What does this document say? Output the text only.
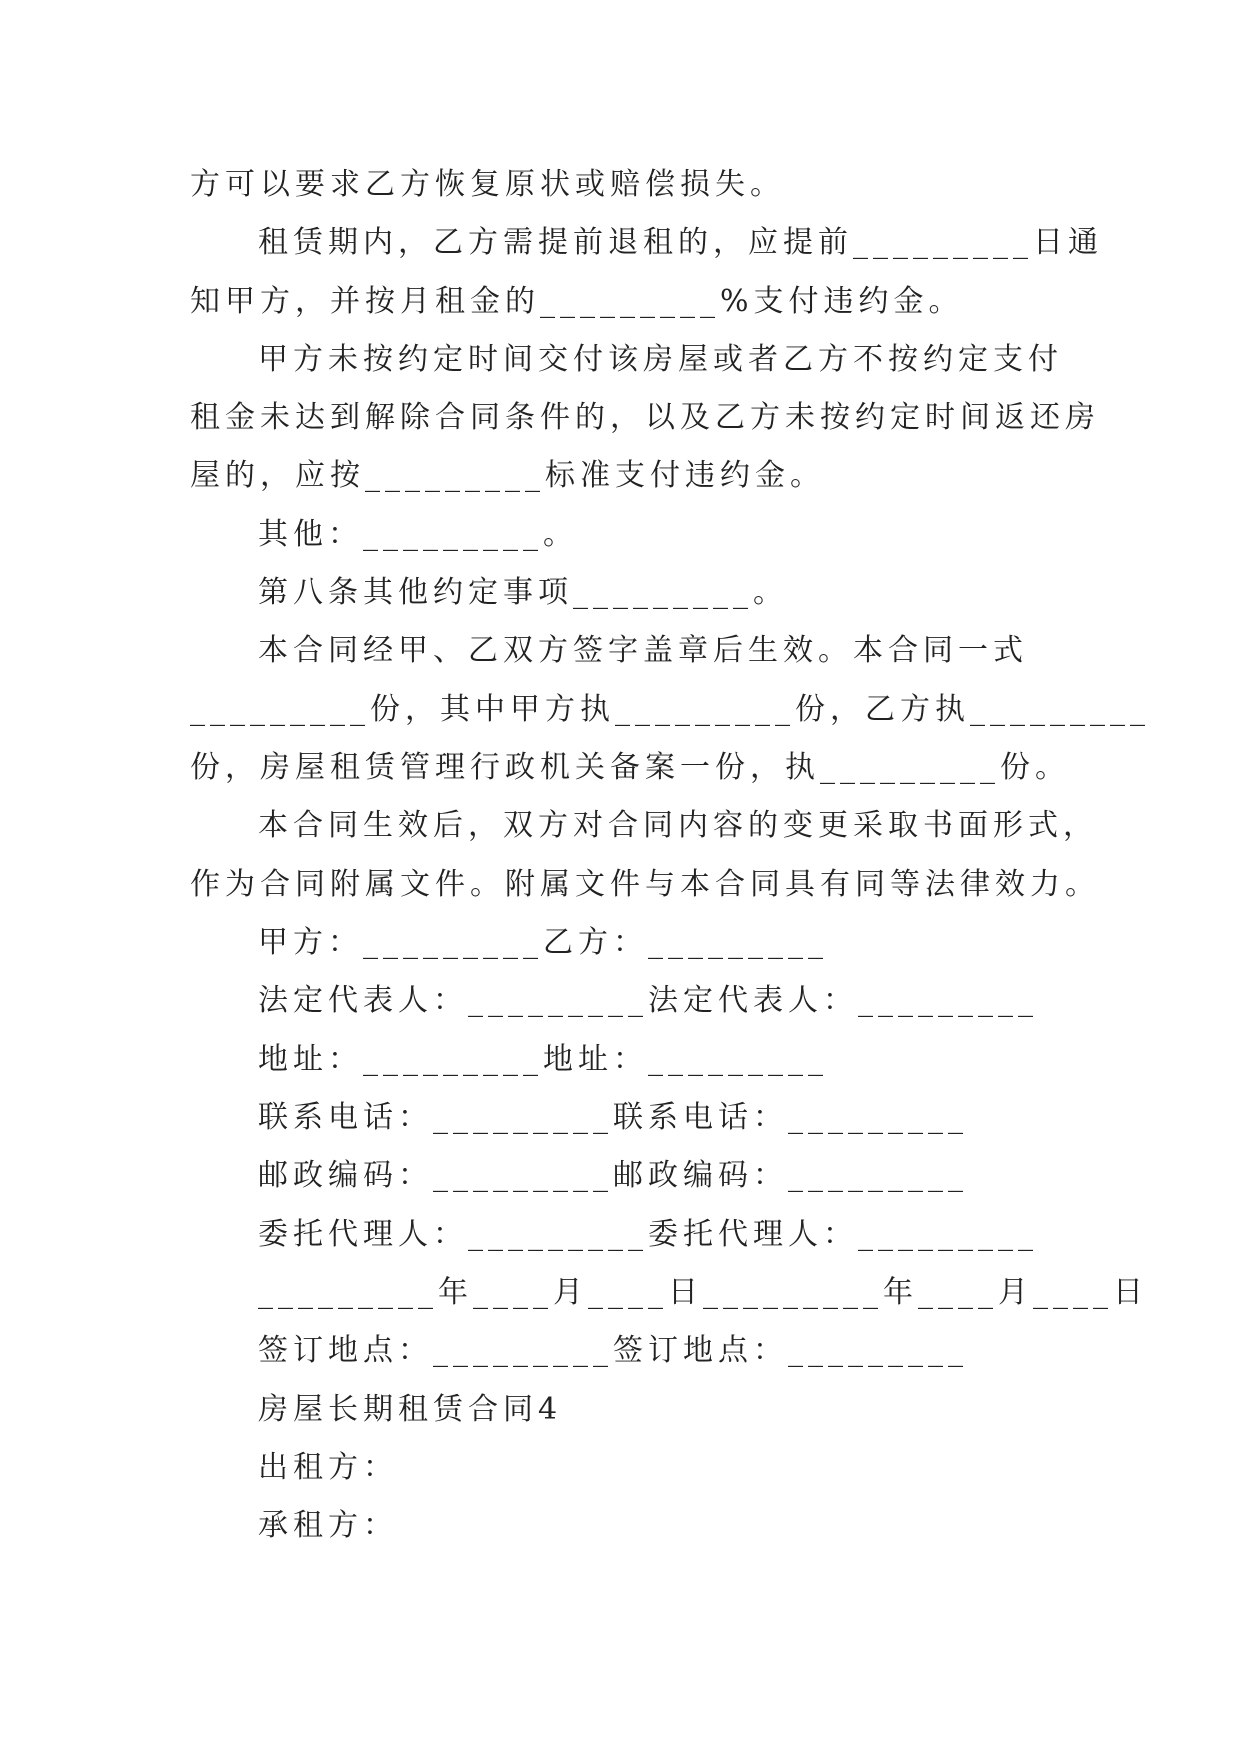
方可以要求乙方恢复原状或赔偿损失。
租赁期内，乙方需提前退租的，应提前_________日通
知甲方，并按月租金的_________%支付违约金。
甲方未按约定时间交付该房屋或者乙方不按约定支付
租金未达到解除合同条件的，以及乙方未按约定时间返还房
屋的，应按_________标准支付违约金。
其他：_________。
第八条其他约定事项_________。
本合同经甲、乙双方签字盖章后生效。本合同一式
_________份，其中甲方执_________份，乙方执_________
份，房屋租赁管理行政机关备案一份，执_________份。
本合同生效后，双方对合同内容的变更采取书面形式，
作为合同附属文件。附属文件与本合同具有同等法律效力。
甲方：_________乙方：_________
法定代表人：_________法定代表人：_________
地址：_________地址：_________
联系电话：_________联系电话：_________
邮政编码：_________邮政编码：_________
委托代理人：_________委托代理人：_________
_________年____月____日_________年____月____日
签订地点：_________签订地点：_________
房屋长期租赁合同4
出租方：
承租方：
